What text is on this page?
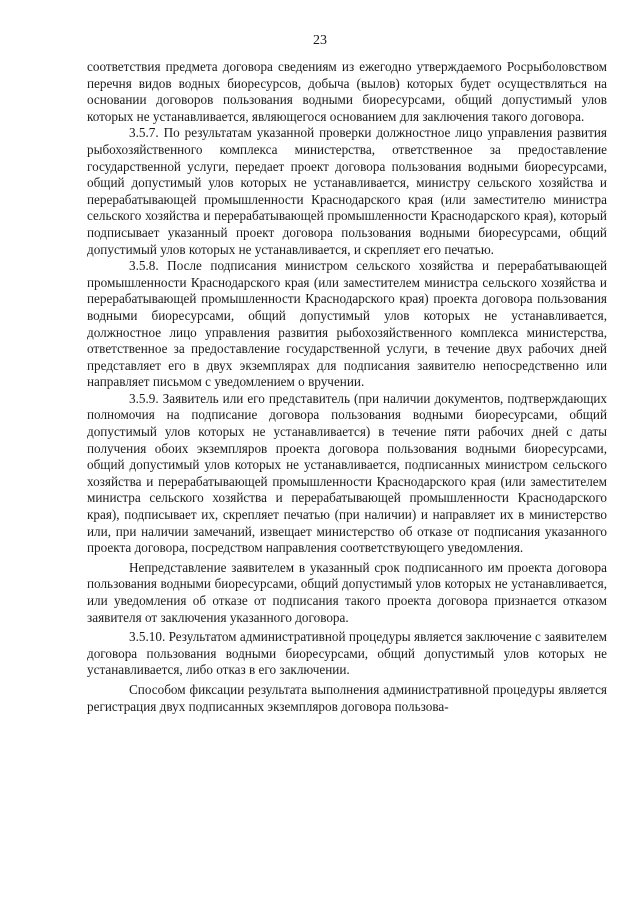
23

соответствия предмета договора сведениям из ежегодно утверждаемого Росрыболовством перечня видов водных биоресурсов, добыча (вылов) которых будет осуществляться на основании договоров пользования водными биоресурсами, общий допустимый улов которых не устанавливается, являющегося основанием для заключения такого договора.

3.5.7. По результатам указанной проверки должностное лицо управления развития рыбохозяйственного комплекса министерства, ответственное за предоставление государственной услуги, передает проект договора пользования водными биоресурсами, общий допустимый улов которых не устанавливается, министру сельского хозяйства и перерабатывающей промышленности Краснодарского края (или заместителю министра сельского хозяйства и перерабатывающей промышленности Краснодарского края), который подписывает указанный проект договора пользования водными биоресурсами, общий допустимый улов которых не устанавливается, и скрепляет его печатью.

3.5.8. После подписания министром сельского хозяйства и перерабатывающей промышленности Краснодарского края (или заместителем министра сельского хозяйства и перерабатывающей промышленности Краснодарского края) проекта договора пользования водными биоресурсами, общий допустимый улов которых не устанавливается, должностное лицо управления развития рыбохозяйственного комплекса министерства, ответственное за предоставление государственной услуги, в течение двух рабочих дней представляет его в двух экземплярах для подписания заявителю непосредственно или направляет письмом с уведомлением о вручении.

3.5.9. Заявитель или его представитель (при наличии документов, подтверждающих полномочия на подписание договора пользования водными биоресурсами, общий допустимый улов которых не устанавливается) в течение пяти рабочих дней с даты получения обоих экземпляров проекта договора пользования водными биоресурсами, общий допустимый улов которых не устанавливается, подписанных министром сельского хозяйства и перерабатывающей промышленности Краснодарского края (или заместителем министра сельского хозяйства и перерабатывающей промышленности Краснодарского края), подписывает их, скрепляет печатью (при наличии) и направляет их в министерство или, при наличии замечаний, извещает министерство об отказе от подписания указанного проекта договора, посредством направления соответствующего уведомления.

Непредставление заявителем в указанный срок подписанного им проекта договора пользования водными биоресурсами, общий допустимый улов которых не устанавливается, или уведомления об отказе от подписания такого проекта договора признается отказом заявителя от заключения указанного договора.

3.5.10. Результатом административной процедуры является заключение с заявителем договора пользования водными биоресурсами, общий допустимый улов которых не устанавливается, либо отказ в его заключении.

Способом фиксации результата выполнения административной процедуры является регистрация двух подписанных экземпляров договора пользова-
